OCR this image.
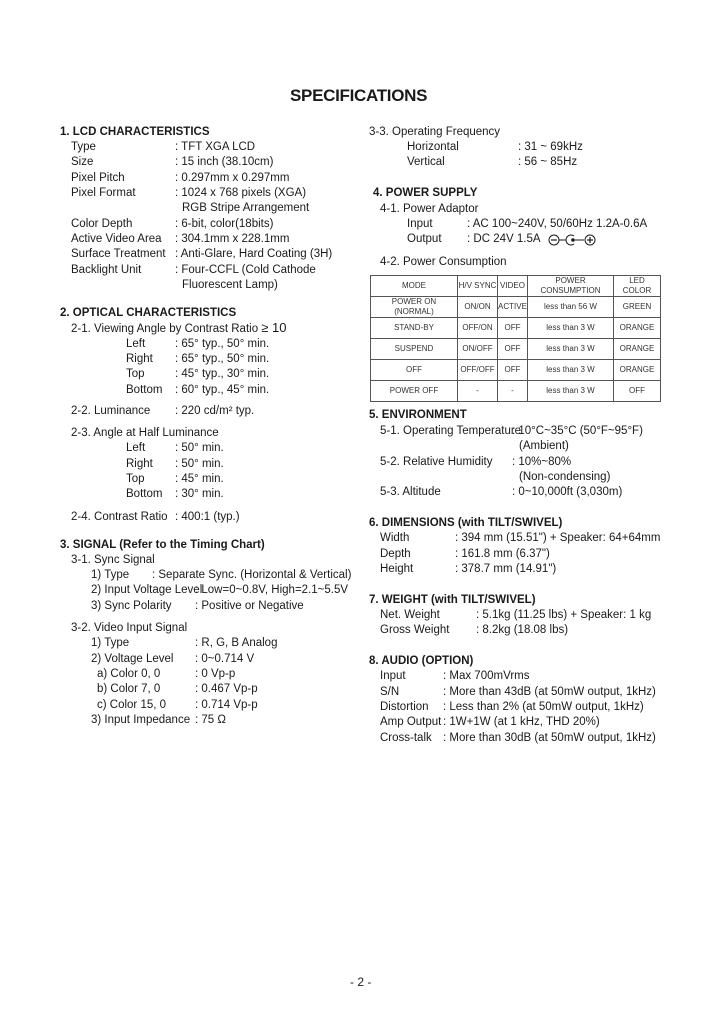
SPECIFICATIONS
1. LCD CHARACTERISTICS
Type	: TFT XGA LCD
Size	: 15 inch (38.10cm)
Pixel Pitch	: 0.297mm x 0.297mm
Pixel Format	: 1024 x 768 pixels (XGA)
RGB Stripe Arrangement
Color Depth	: 6-bit, color(18bits)
Active Video Area : 304.1mm x 228.1mm
Surface Treatment : Anti-Glare, Hard Coating (3H)
Backlight Unit	: Four-CCFL (Cold Cathode
Fluorescent Lamp)
2. OPTICAL CHARACTERISTICS
2-1. Viewing Angle by Contrast Ratio ≥ 10
Left	: 65° typ., 50° min.
Right : 65° typ., 50° min.
Top	: 45° typ., 30° min.
Bottom : 60° typ., 45° min.
2-2. Luminance : 220 cd/m² typ.
2-3. Angle at Half Luminance
Left	: 50° min.
Right : 50° min.
Top	: 45° min.
Bottom : 30° min.
2-4. Contrast Ratio : 400:1 (typ.)
3. SIGNAL (Refer to the Timing Chart)
3-1. Sync Signal
1) Type : Separate Sync. (Horizontal & Vertical)
2) Input Voltage Level
: Low=0~0.8V, High=2.1~5.5V
3) Sync Polarity : Positive or Negative
3-2. Video Input Signal
1) Type	: R, G, B Analog
2) Voltage Level : 0~0.714 V
a) Color 0, 0	: 0 Vp-p
b) Color 7, 0	: 0.467 Vp-p
c) Color 15, 0	: 0.714 Vp-p
3) Input Impedance : 75 Ω
3-3. Operating Frequency
Horizontal	: 31 ~ 69kHz
Vertical	: 56 ~ 85Hz
4. POWER SUPPLY
4-1. Power Adaptor
Input	: AC 100~240V, 50/60Hz 1.2A-0.6A
Output : DC 24V 1.5A
4-2. Power Consumption
MODE	H/V SYNC	VIDEO	POWER CONSUMPTION	LED COLOR
POWER ON (NORMAL)	ON/ON	ACTIVE	less than 56 W	GREEN
STAND-BY	OFF/ON	OFF	less than 3 W	ORANGE
SUSPEND	ON/OFF	OFF	less than 3 W	ORANGE
OFF	OFF/OFF	OFF	less than 3 W	ORANGE
POWER OFF	-	-	less than 3 W	OFF
5. ENVIRONMENT
5-1. Operating Temperature
: 10°C~35°C (50°F~95°F)
(Ambient)
5-2. Relative Humidity : 10%~80%
(Non-condensing)
5-3. Altitude	: 0~10,000ft (3,030m)
6. DIMENSIONS (with TILT/SWIVEL)
Width	: 394 mm (15.51") + Speaker: 64+64mm
Depth	: 161.8 mm (6.37")
Height	: 378.7 mm (14.91")
7. WEIGHT (with TILT/SWIVEL)
Net. Weight	: 5.1kg (11.25 lbs) + Speaker: 1 kg
Gross Weight : 8.2kg (18.08 lbs)
8. AUDIO (OPTION)
Input	: Max 700mVrms
S/N	: More than 43dB (at 50mW output, 1kHz)
Distortion : Less than 2% (at 50mW output, 1kHz)
Amp Output : 1W+1W (at 1 kHz, THD 20%)
Cross-talk : More than 30dB (at 50mW output, 1kHz)
- 2 -
